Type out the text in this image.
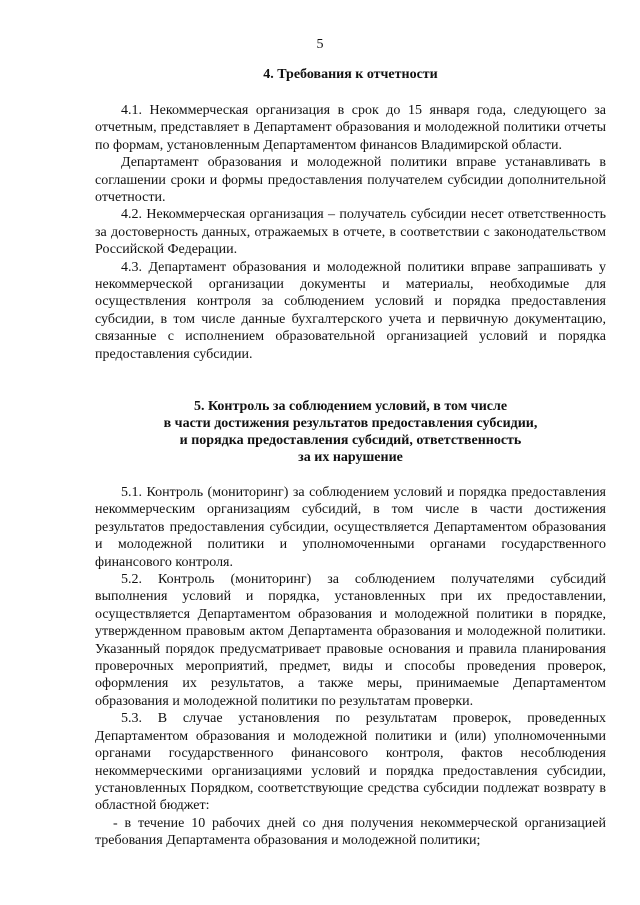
5
4. Требования к отчетности

4.1. Некоммерческая организация в срок до 15 января года, следующего за отчетным, представляет в Департамент образования и молодежной политики отчеты по формам, установленным Департаментом финансов Владимирской области.

Департамент образования и молодежной политики вправе устанавливать в соглашении сроки и формы предоставления получателем субсидии дополнительной отчетности.

4.2. Некоммерческая организация – получатель субсидии несет ответственность за достоверность данных, отражаемых в отчете, в соответствии с законодательством Российской Федерации.

4.3. Департамент образования и молодежной политики вправе запрашивать у некоммерческой организации документы и материалы, необходимые для осуществления контроля за соблюдением условий и порядка предоставления субсидии, в том числе данные бухгалтерского учета и первичную документацию, связанные с исполнением образовательной организацией условий и порядка предоставления субсидии.

5. Контроль за соблюдением условий, в том числе
в части достижения результатов предоставления субсидии,
и порядка предоставления субсидий, ответственность
за их нарушение

5.1. Контроль (мониторинг) за соблюдением условий и порядка предоставления некоммерческим организациям субсидий, в том числе в части достижения результатов предоставления субсидии, осуществляется Департаментом образования и молодежной политики и уполномоченными органами государственного финансового контроля.

5.2. Контроль (мониторинг) за соблюдением получателями субсидий выполнения условий и порядка, установленных при их предоставлении, осуществляется Департаментом образования и молодежной политики в порядке, утвержденном правовым актом Департамента образования и молодежной политики. Указанный порядок предусматривает правовые основания и правила планирования проверочных мероприятий, предмет, виды и способы проведения проверок, оформления их результатов, а также меры, принимаемые Департаментом образования и молодежной политики по результатам проверки.

5.3. В случае установления по результатам проверок, проведенных Департаментом образования и молодежной политики и (или) уполномоченными органами государственного финансового контроля, фактов несоблюдения некоммерческими организациями условий и порядка предоставления субсидии, установленных Порядком, соответствующие средства субсидии подлежат возврату в областной бюджет:

- в течение 10 рабочих дней со дня получения некоммерческой организацией требования Департамента образования и молодежной политики;
